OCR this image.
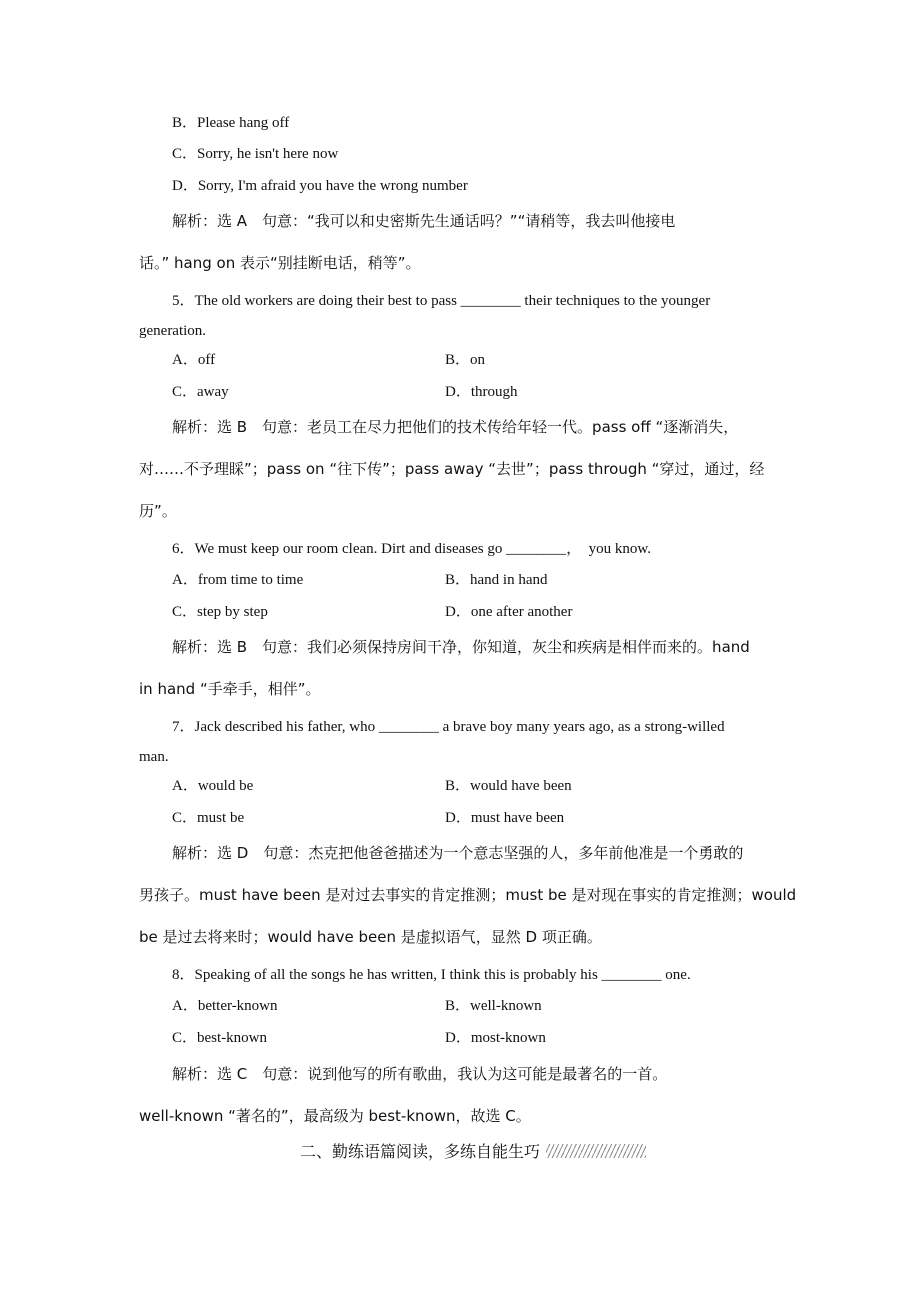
B．Please hang off
C．Sorry, he isn't here now
D．Sorry, I'm afraid you have the wrong number
解析：选 A　句意：“我可以和史密斯先生通话吗？”“请稍等，我去叫他接电
话。” hang on 表示“别挂断电话，稍等”。
5．The old workers are doing their best to pass ________ their techniques to the younger
generation.
A．off	B．on
C．away	D．through
解析：选 B　句意：老员工在尽力把他们的技术传给年轻一代。pass off “逐渐消失，
对……不予理睬”；pass on “往下传”；pass away “去世”；pass through “穿过，通过，经
历”。
6．We must keep our room clean. Dirt and diseases go ________，　you know.
A．from time to time	B．hand in hand
C．step by step	D．one after another
解析：选 B　句意：我们必须保持房间干净，你知道，灰尘和疾病是相伴而来的。hand
in hand “手牵手，相伴”。
7．Jack described his father, who ________ a brave boy many years ago, as a strong-willed
man.
A．would be	B．would have been
C．must be	D．must have been
解析：选 D　句意：杰克把他爸爸描述为一个意志坚强的人，多年前他准是一个勇敢的
男孩子。must have been 是对过去事实的肯定推测；must be 是对现在事实的肯定推测；would
be 是过去将来时；would have been 是虚拟语气，显然 D 项正确。
8．Speaking of all the songs he has written, I think this is probably his ________ one.
A．better-known	B．well-known
C．best-known	D．most-known
解析：选 C　句意：说到他写的所有歌曲，我认为这可能是最著名的一首。
well-known “著名的”，最高级为 best-known，故选 C。
二、勤练语篇阅读，多练自能生巧
